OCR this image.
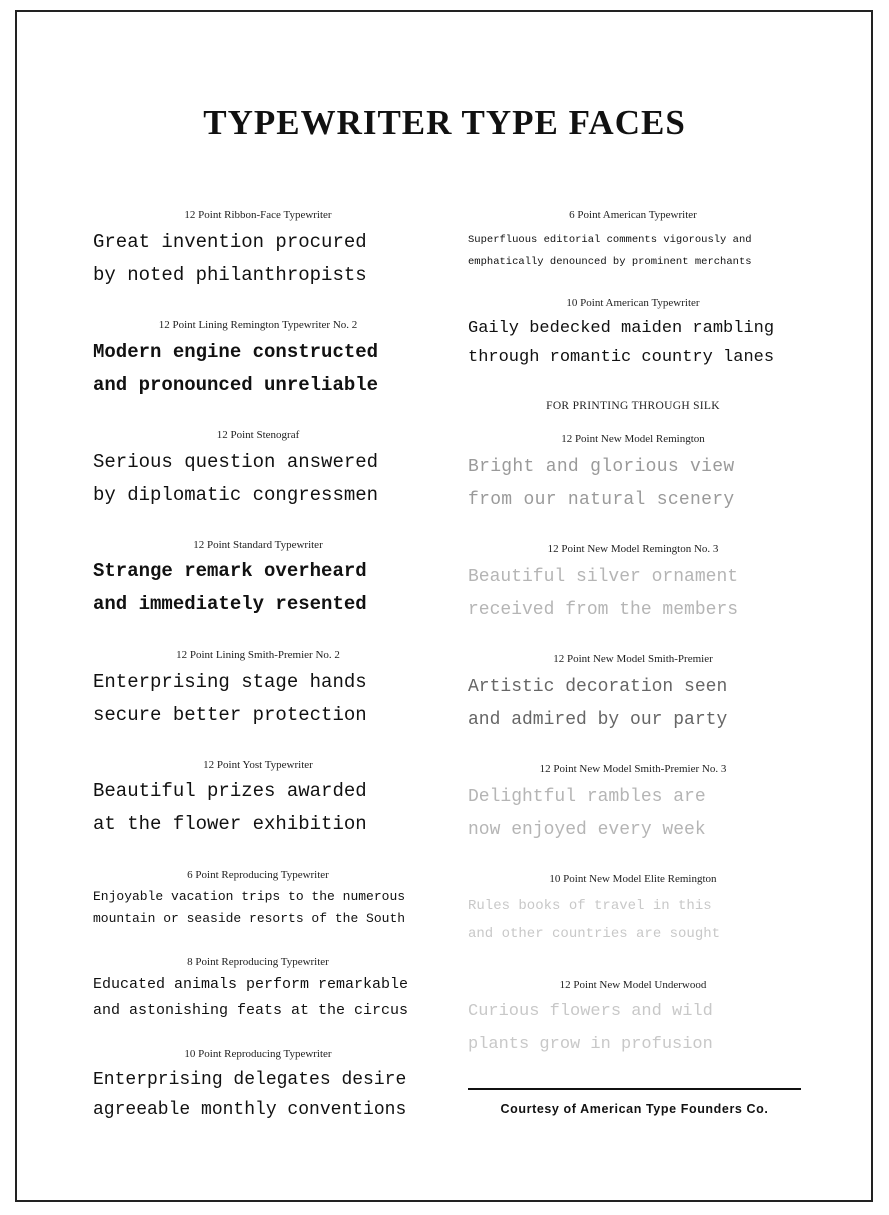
TYPEWRITER TYPE FACES
12 Point Ribbon-Face Typewriter
Great invention procured
by noted philanthropists
12 Point Lining Remington Typewriter No. 2
Modern engine constructed
and pronounced unreliable
12 Point Stenograf
Serious question answered
by diplomatic congressmen
12 Point Standard Typewriter
Strange remark overheard
and immediately resented
12 Point Lining Smith-Premier No. 2
Enterprising stage hands
secure better protection
12 Point Yost Typewriter
Beautiful prizes awarded
at the flower exhibition
6 Point Reproducing Typewriter
Enjoyable vacation trips to the numerous
mountain or seaside resorts of the South
8 Point Reproducing Typewriter
Educated animals perform remarkable
and astonishing feats at the circus
10 Point Reproducing Typewriter
Enterprising delegates desire
agreeable monthly conventions
6 Point American Typewriter
Superfluous editorial comments vigorously and
emphatically denounced by prominent merchants
10 Point American Typewriter
Gaily bedecked maiden rambling
through romantic country lanes
FOR PRINTING THROUGH SILK
12 Point New Model Remington
Bright and glorious view
from our natural scenery
12 Point New Model Remington No. 3
Beautiful silver ornament
received from the members
12 Point New Model Smith-Premier
Artistic decoration seen
and admired by our party
12 Point New Model Smith-Premier No. 3
Delightful rambles are
now enjoyed every week
10 Point New Model Elite Remington
Rules books of travel in this
and other countries are sought
12 Point New Model Underwood
Curious flowers and wild
plants grow in profusion
Courtesy of American Type Founders Co.
